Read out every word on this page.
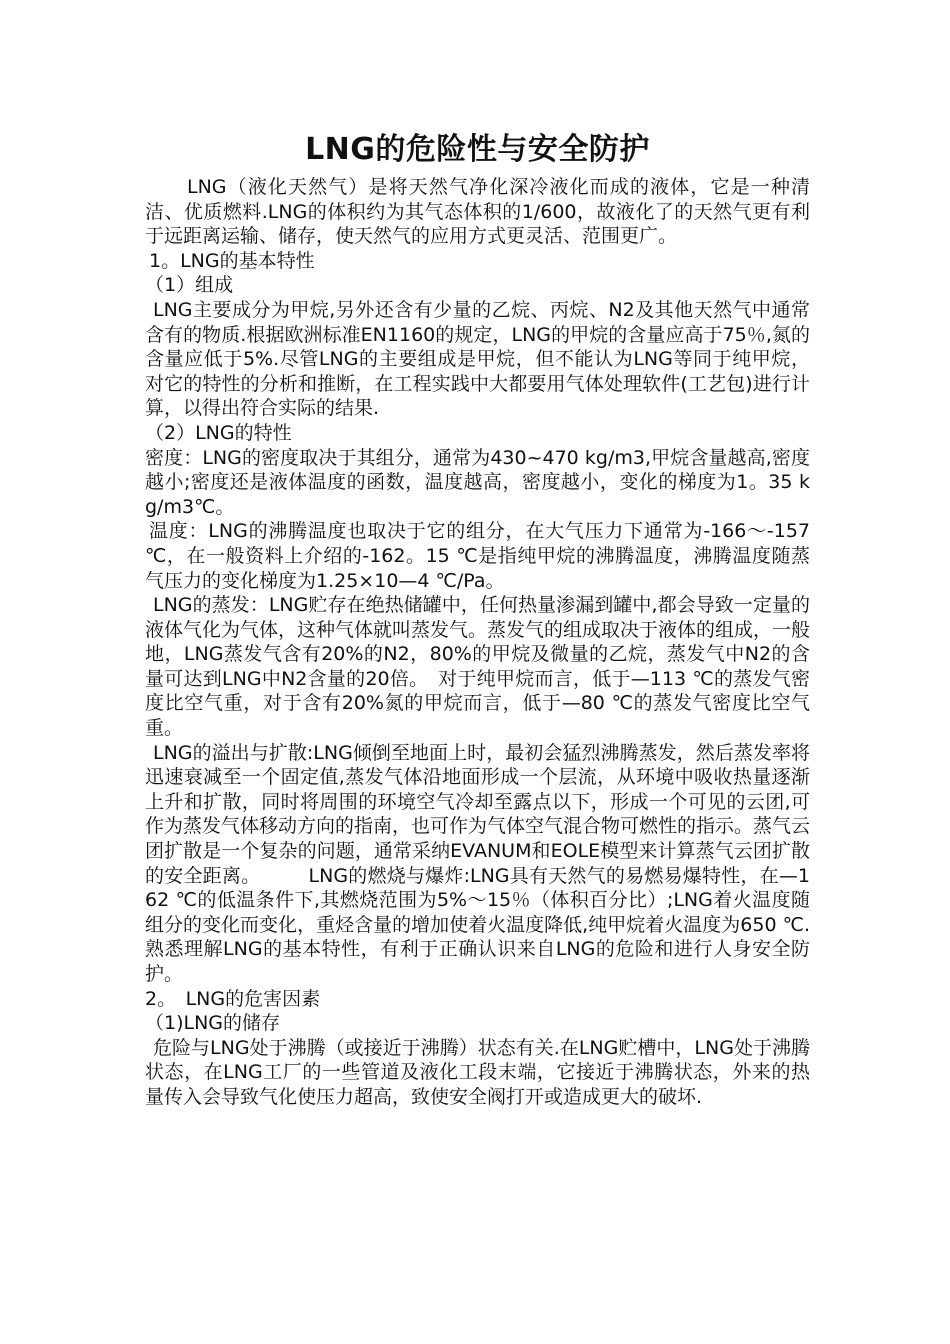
LNG的危险性与安全防护

LNG（液化天然气）是将天然气净化深冷液化而成的液体，它是一种清洁、优质燃料.LNG的体积约为其气态体积的1/600，故液化了的天然气更有利于远距离运输、储存，使天然气的应用方式更灵活、范围更广。

1。LNG的基本特性

（1）组成

LNG主要成分为甲烷,另外还含有少量的乙烷、丙烷、N2及其他天然气中通常含有的物质.根据欧洲标准EN1160的规定，LNG的甲烷的含量应高于75％,氮的含量应低于5%.尽管LNG的主要组成是甲烷，但不能认为LNG等同于纯甲烷，对它的特性的分析和推断，在工程实践中大都要用气体处理软件(工艺包)进行计算，以得出符合实际的结果.

（2）LNG的特性

密度：LNG的密度取决于其组分，通常为430~470 kg/m3,甲烷含量越高,密度越小;密度还是液体温度的函数，温度越高，密度越小，变化的梯度为1。35 kg/m3℃。

温度：LNG的沸腾温度也取决于它的组分，在大气压力下通常为-166～-157 ℃，在一般资料上介绍的-162。15 ℃是指纯甲烷的沸腾温度，沸腾温度随蒸气压力的变化梯度为1.25×10—4 ℃/Pa。

LNG的蒸发：LNG贮存在绝热储罐中，任何热量渗漏到罐中,都会导致一定量的液体气化为气体，这种气体就叫蒸发气。蒸发气的组成取决于液体的组成，一般地，LNG蒸发气含有20%的N2，80%的甲烷及微量的乙烷，蒸发气中N2的含量可达到LNG中N2含量的20倍。　对于纯甲烷而言，低于—113 ℃的蒸发气密度比空气重，对于含有20%氮的甲烷而言，低于—80 ℃的蒸发气密度比空气重。

LNG的溢出与扩散:LNG倾倒至地面上时，最初会猛烈沸腾蒸发，然后蒸发率将迅速衰减至一个固定值,蒸发气体沿地面形成一个层流，从环境中吸收热量逐渐上升和扩散，同时将周围的环境空气冷却至露点以下，形成一个可见的云团,可作为蒸发气体移动方向的指南，也可作为气体空气混合物可燃性的指示。蒸气云团扩散是一个复杂的问题，通常采纳EVANUM和EOLE模型来计算蒸气云团扩散的安全距离。　　　LNG的燃烧与爆炸:LNG具有天然气的易燃易爆特性，在—162 ℃的低温条件下,其燃烧范围为5%～15％（体积百分比）;LNG着火温度随组分的变化而变化，重烃含量的增加使着火温度降低,纯甲烷着火温度为650 ℃.　 熟悉理解LNG的基本特性，有利于正确认识来自LNG的危险和进行人身安全防护。

2。　LNG的危害因素

（1)LNG的储存

危险与LNG处于沸腾（或接近于沸腾）状态有关.在LNG贮槽中，LNG处于沸腾状态，在LNG工厂的一些管道及液化工段末端，它接近于沸腾状态，外来的热量传入会导致气化使压力超高，致使安全阀打开或造成更大的破坏.
